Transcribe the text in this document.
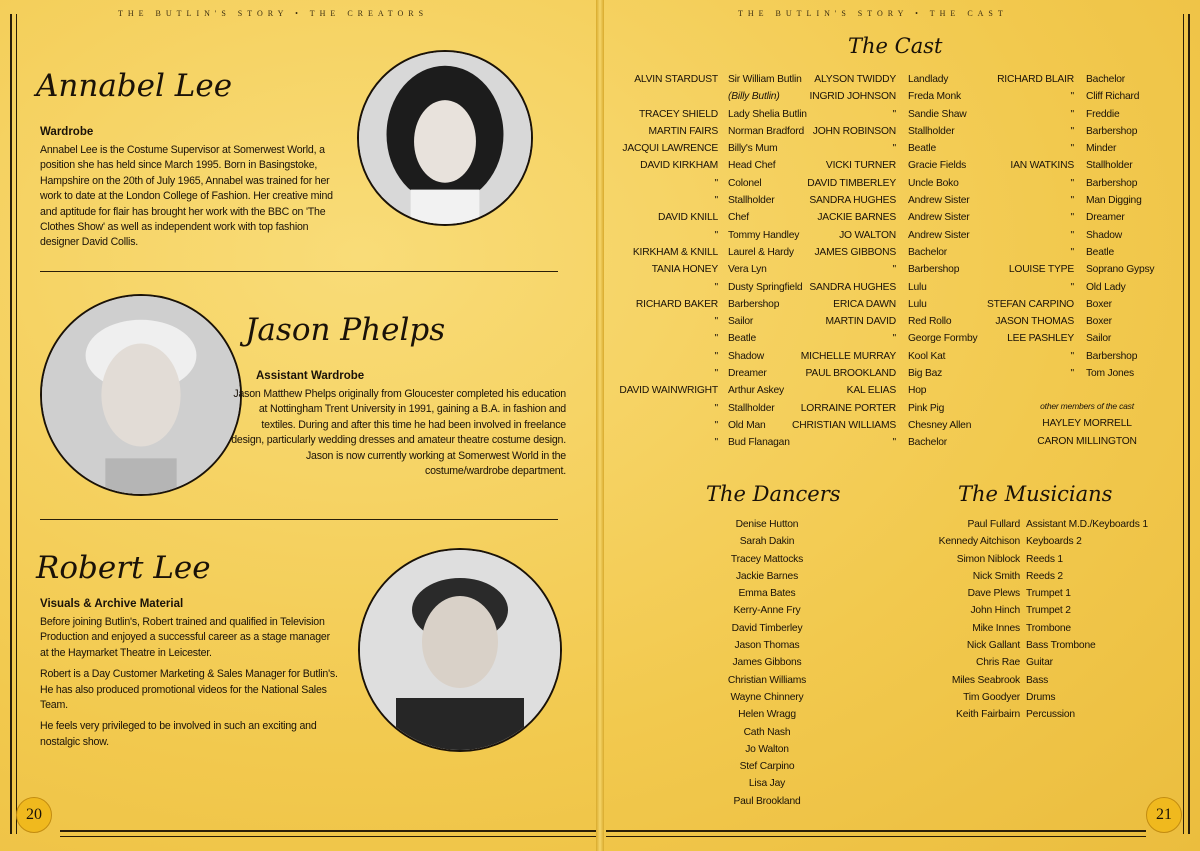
THE BUTLIN'S STORY • THE CREATORS
Annabel Lee
Wardrobe

Annabel Lee is the Costume Supervisor at Somerwest World, a position she has held since March 1995. Born in Basingstoke, Hampshire on the 20th of July 1965, Annabel was trained for her work to date at the London College of Fashion. Her creative mind and aptitude for flair has brought her work with the BBC on 'The Clothes Show' as well as independent work with top fashion designer David Collis.

Jason Phelps
Assistant Wardrobe

Jason Matthew Phelps originally from Gloucester completed his education at Nottingham Trent University in 1991, gaining a B.A. in fashion and textiles. During and after this time he had been involved in freelance design, particularly wedding dresses and amateur theatre costume design. Jason is now currently working at Somerwest World in the costume/wardrobe department.

Robert Lee
Visuals & Archive Material

Before joining Butlin's, Robert trained and qualified in Television Production and enjoyed a successful career as a stage manager at the Haymarket Theatre in Leicester.

Robert is a Day Customer Marketing & Sales Manager for Butlin's. He has also produced promotional videos for the National Sales Team.

He feels very privileged to be involved in such an exciting and nostalgic show.

20
THE BUTLIN'S STORY • THE CAST
The Cast
ALVIN STARDUST
TRACEY SHIELD
MARTIN FAIRS
JACQUI LAWRENCE
DAVID KIRKHAM
"
"
DAVID KNILL
"
KIRKHAM & KNILL
TANIA HONEY
"
RICHARD BAKER
"
"
"
"
DAVID WAINWRIGHT
"
"
"
Sir William Butlin
(Billy Butlin)
Lady Shelia Butlin
Norman Bradford
Billy's Mum
Head Chef
Colonel
Stallholder
Chef
Tommy Handley
Laurel & Hardy
Vera Lyn
Dusty Springfield
Barbershop
Sailor
Beatle
Shadow
Dreamer
Arthur Askey
Stallholder
Old Man
Bud Flanagan
ALYSON TWIDDY
INGRID JOHNSON
"
JOHN ROBINSON
"
VICKI TURNER
DAVID TIMBERLEY
SANDRA HUGHES
JACKIE BARNES
JO WALTON
JAMES GIBBONS
"
SANDRA HUGHES
ERICA DAWN
MARTIN DAVID
"
MICHELLE MURRAY
PAUL BROOKLAND
KAL ELIAS
LORRAINE PORTER
CHRISTIAN WILLIAMS
"
Landlady
Freda Monk
Sandie Shaw
Stallholder
Beatle
Gracie Fields
Uncle Boko
Andrew Sister
Andrew Sister
Andrew Sister
Bachelor
Barbershop
Lulu
Lulu
Red Rollo
George Formby
Kool Kat
Big Baz
Hop
Pink Pig
Chesney Allen
Bachelor
RICHARD BLAIR
"
"
"
"
IAN WATKINS
"
"
"
"
"
LOUISE TYPE
"
STEFAN CARPINO
JASON THOMAS
LEE PASHLEY
"
"
Bachelor
Cliff Richard
Freddie
Barbershop
Minder
Stallholder
Barbershop
Man Digging
Dreamer
Shadow
Beatle
Soprano Gypsy
Old Lady
Boxer
Boxer
Sailor
Barbershop
Tom Jones
other members of the cast
HAYLEY MORRELL
CARON MILLINGTON
The Dancers
Denise Hutton
Sarah Dakin
Tracey Mattocks
Jackie Barnes
Emma Bates
Kerry-Anne Fry
David Timberley
Jason Thomas
James Gibbons
Christian Williams
Wayne Chinnery
Helen Wragg
Cath Nash
Jo Walton
Stef Carpino
Lisa Jay
Paul Brookland
The Musicians
Paul Fullard
Kennedy Aitchison
Simon Niblock
Nick Smith
Dave Plews
John Hinch
Mike Innes
Nick Gallant
Chris Rae
Miles Seabrook
Tim Goodyer
Keith Fairbairn
Assistant M.D./Keyboards 1
Keyboards 2
Reeds 1
Reeds 2
Trumpet 1
Trumpet 2
Trombone
Bass Trombone
Guitar
Bass
Drums
Percussion
21
